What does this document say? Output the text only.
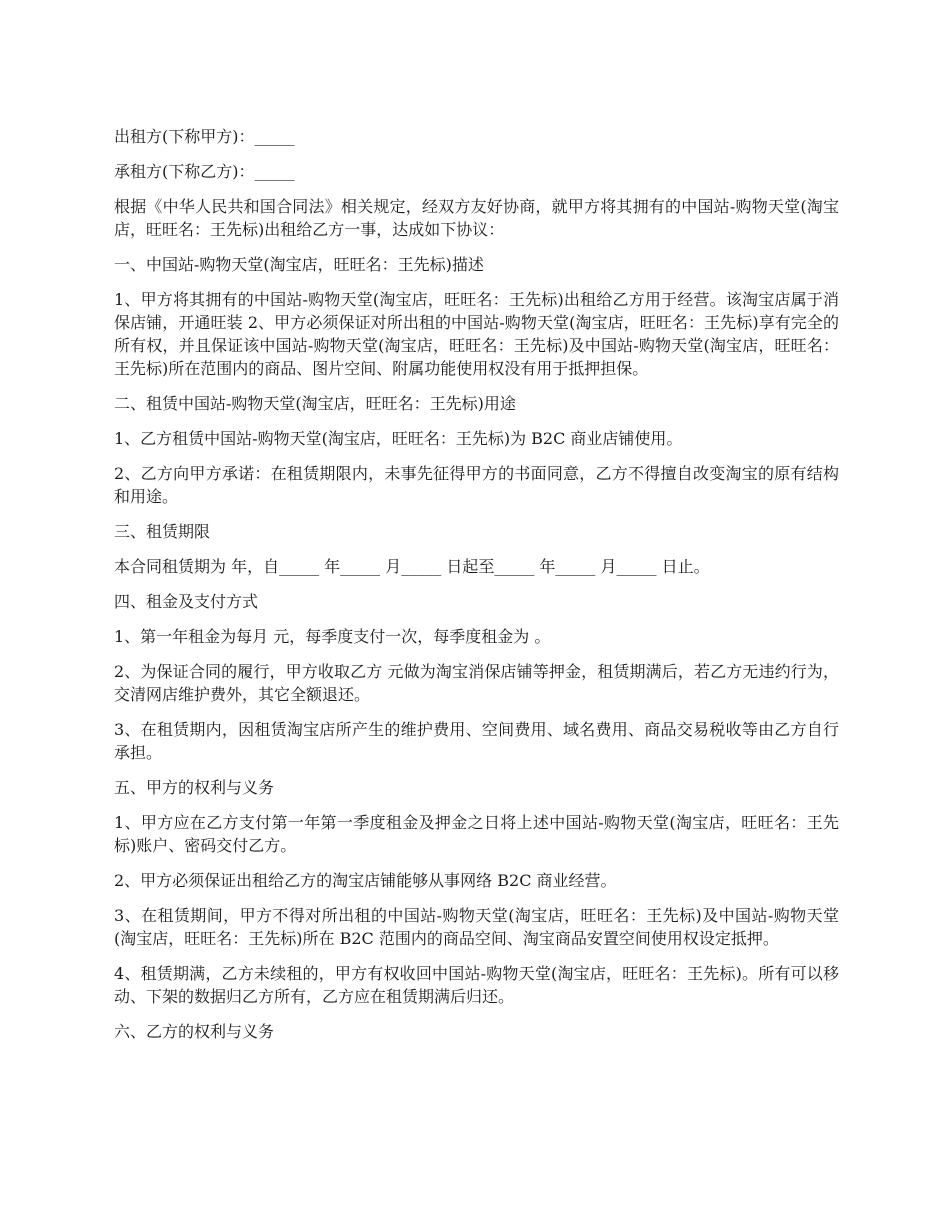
出租方(下称甲方)：_____

承租方(下称乙方)：_____

根据《中华人民共和国合同法》相关规定，经双方友好协商，就甲方将其拥有的中国站-购物天堂(淘宝店，旺旺名：王先标)出租给乙方一事，达成如下协议：

一、中国站-购物天堂(淘宝店，旺旺名：王先标)描述

1、甲方将其拥有的中国站-购物天堂(淘宝店，旺旺名：王先标)出租给乙方用于经营。该淘宝店属于消保店铺，开通旺装 2、甲方必须保证对所出租的中国站-购物天堂(淘宝店，旺旺名：王先标)享有完全的所有权，并且保证该中国站-购物天堂(淘宝店，旺旺名：王先标)及中国站-购物天堂(淘宝店，旺旺名：王先标)所在范围内的商品、图片空间、附属功能使用权没有用于抵押担保。

二、租赁中国站-购物天堂(淘宝店，旺旺名：王先标)用途

1、乙方租赁中国站-购物天堂(淘宝店，旺旺名：王先标)为 B2C 商业店铺使用。

2、乙方向甲方承诺：在租赁期限内，未事先征得甲方的书面同意，乙方不得擅自改变淘宝的原有结构和用途。

三、租赁期限

本合同租赁期为 年，自_____ 年_____ 月_____ 日起至_____ 年_____ 月_____ 日止。

四、租金及支付方式

1、第一年租金为每月 元，每季度支付一次，每季度租金为 。

2、为保证合同的履行，甲方收取乙方 元做为淘宝消保店铺等押金，租赁期满后，若乙方无违约行为，交清网店维护费外，其它全额退还。

3、在租赁期内，因租赁淘宝店所产生的维护费用、空间费用、域名费用、商品交易税收等由乙方自行承担。

五、甲方的权利与义务

1、甲方应在乙方支付第一年第一季度租金及押金之日将上述中国站-购物天堂(淘宝店，旺旺名：王先标)账户、密码交付乙方。

2、甲方必须保证出租给乙方的淘宝店铺能够从事网络 B2C 商业经营。

3、在租赁期间，甲方不得对所出租的中国站-购物天堂(淘宝店，旺旺名：王先标)及中国站-购物天堂(淘宝店，旺旺名：王先标)所在 B2C 范围内的商品空间、淘宝商品安置空间使用权设定抵押。

4、租赁期满，乙方未续租的，甲方有权收回中国站-购物天堂(淘宝店，旺旺名：王先标)。所有可以移动、下架的数据归乙方所有，乙方应在租赁期满后归还。

六、乙方的权利与义务
